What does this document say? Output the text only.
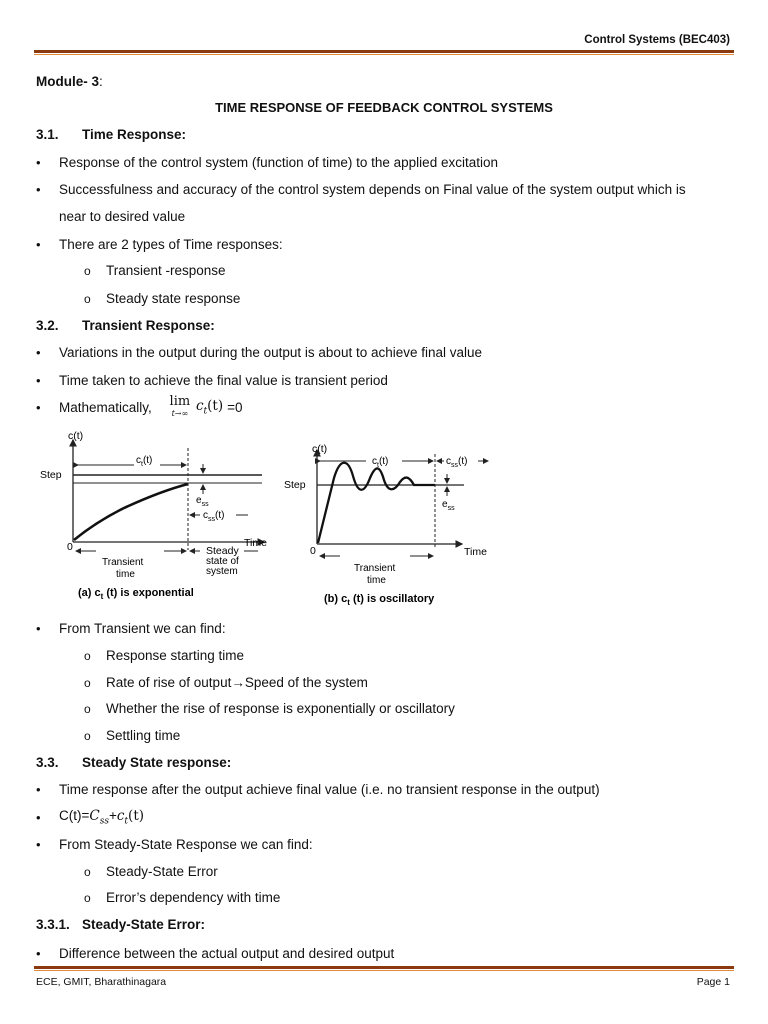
Control Systems (BEC403)
Module- 3:
TIME RESPONSE OF FEEDBACK CONTROL SYSTEMS
3.1. Time Response:
• Response of the control system (function of time) to the applied excitation
• Successfulness and accuracy of the control system depends on Final value of the system output which is
near to desired value
• There are 2 types of Time responses:
o Transient -response
o Steady state response
3.2. Transient Response:
• Variations in the output during the output is about to achieve final value
• Time taken to achieve the final value is transient period
• Mathematically, lim
t→∞ $c_t(t) =0$
c(t)
Step
$c_t(t)$
$e_{ss}$
$c_{ss}(t)$
0	Time
Transient
time
Steady
state of
system
(a) $c_t$ (t) is exponential
c(t)
Step
$c_t(t)$	$c_{ss}(t)$
$e_{ss}$
0	Time
Transient
time
(b) $c_t$ (t) is oscillatory
• From Transient we can find:
o Response starting time
o Rate of rise of output→Speed of the system
o Whether the rise of response is exponentially or oscillatory
o Settling time
3.3. Steady State response:
• Time response after the output achieve final value (i.e. no transient response in the output)
• $C(t)=C_{ss}+c_t(t)$
• From Steady-State Response we can find:
o Steady-State Error
o Error’s dependency with time
3.3.1. Steady-State Error:
• Difference between the actual output and desired output
ECE, GMIT, Bharathinagara	Page 1
